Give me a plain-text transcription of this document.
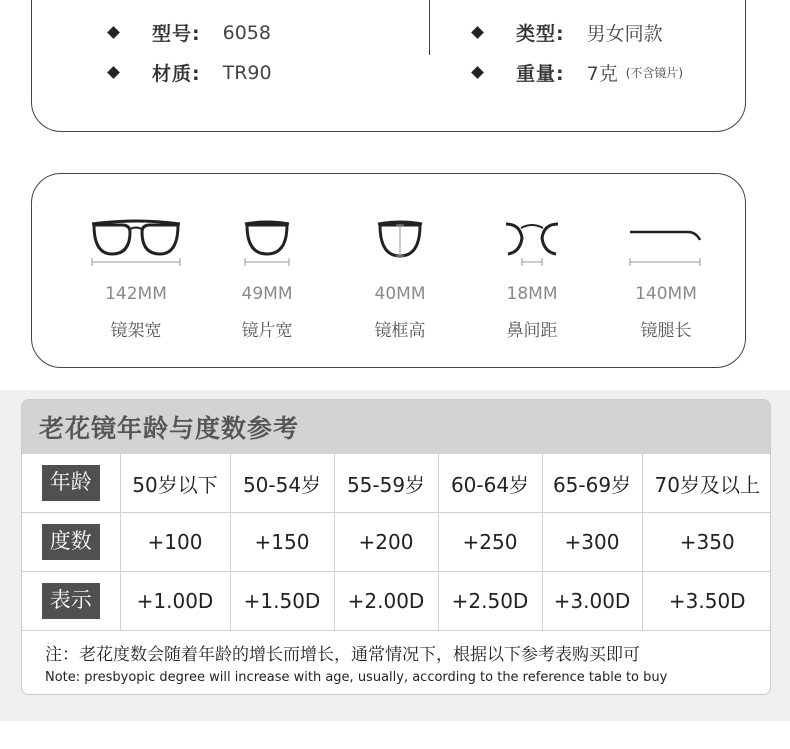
型号: 6058
材质: TR90
类型: 男女同款
重量: 7克 (不含镜片)
142MM
镜架宽
49MM
镜片宽
40MM
镜框高
18MM
鼻间距
140MM
镜腿长
老花镜年龄与度数参考
年龄	50岁以下	50-54岁	55-59岁	60-64岁	65-69岁	70岁及以上
度数	+100	+150	+200	+250	+300	+350
表示	+1.00D	+1.50D	+2.00D	+2.50D	+3.00D	+3.50D
注：老花度数会随着年龄的增长而增长，通常情况下，根据以下参考表购买即可
Note: presbyopic degree will increase with age, usually, according to the reference table to buy
